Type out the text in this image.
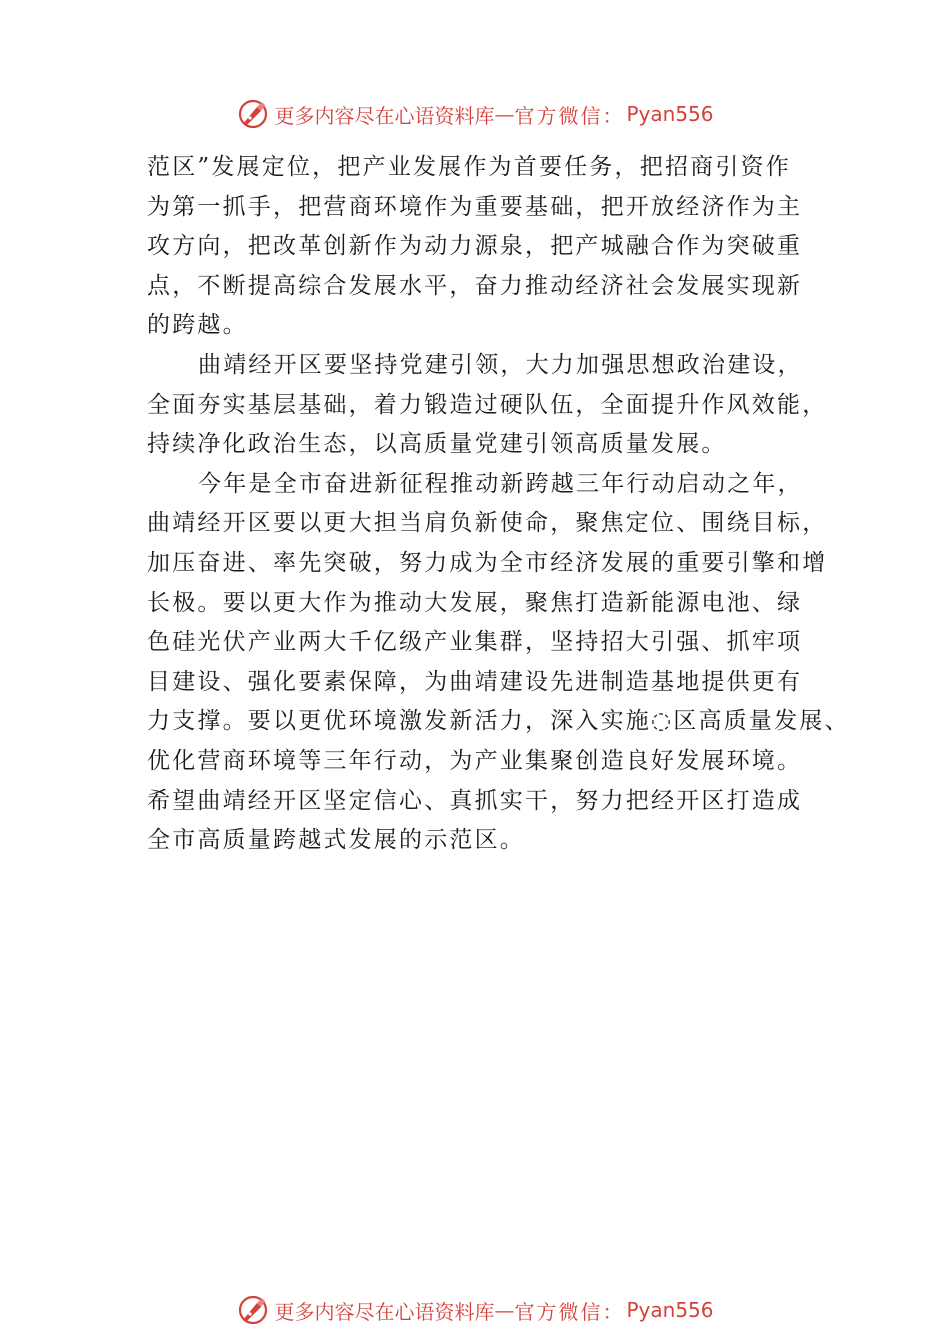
更多内容尽在心语资料库 — 官方微信： Pyan556
范区”发展定位，把产业发展作为首要任务，把招商引资作
为第一抓手，把营商环境作为重要基础，把开放经济作为主
攻方向，把改革创新作为动力源泉，把产城融合作为突破重
点，不断提高综合发展水平，奋力推动经济社会发展实现新
的跨越。
曲靖经开区要坚持党建引领，大力加强思想政治建设，
全面夯实基层基础，着力锻造过硬队伍，全面提升作风效能，
持续净化政治生态，以高质量党建引领高质量发展。
今年是全市奋进新征程推动新跨越三年行动启动之年，
曲靖经开区要以更大担当肩负新使命，聚焦定位、围绕目标，
加压奋进、率先突破，努力成为全市经济发展的重要引擎和增
长极。要以更大作为推动大发展，聚焦打造新能源电池、绿
色硅光伏产业两大千亿级产业集群，坚持招大引强、抓牢项
目建设、强化要素保障，为曲靖建设先进制造基地提供更有
力支撑。要以更优环境激发新活力，深入实施◌区高质量发展、
优化营商环境等三年行动，为产业集聚创造良好发展环境。
希望曲靖经开区坚定信心、真抓实干，努力把经开区打造成
全市高质量跨越式发展的示范区。
更多内容尽在心语资料库 — 官方微信： Pyan556
